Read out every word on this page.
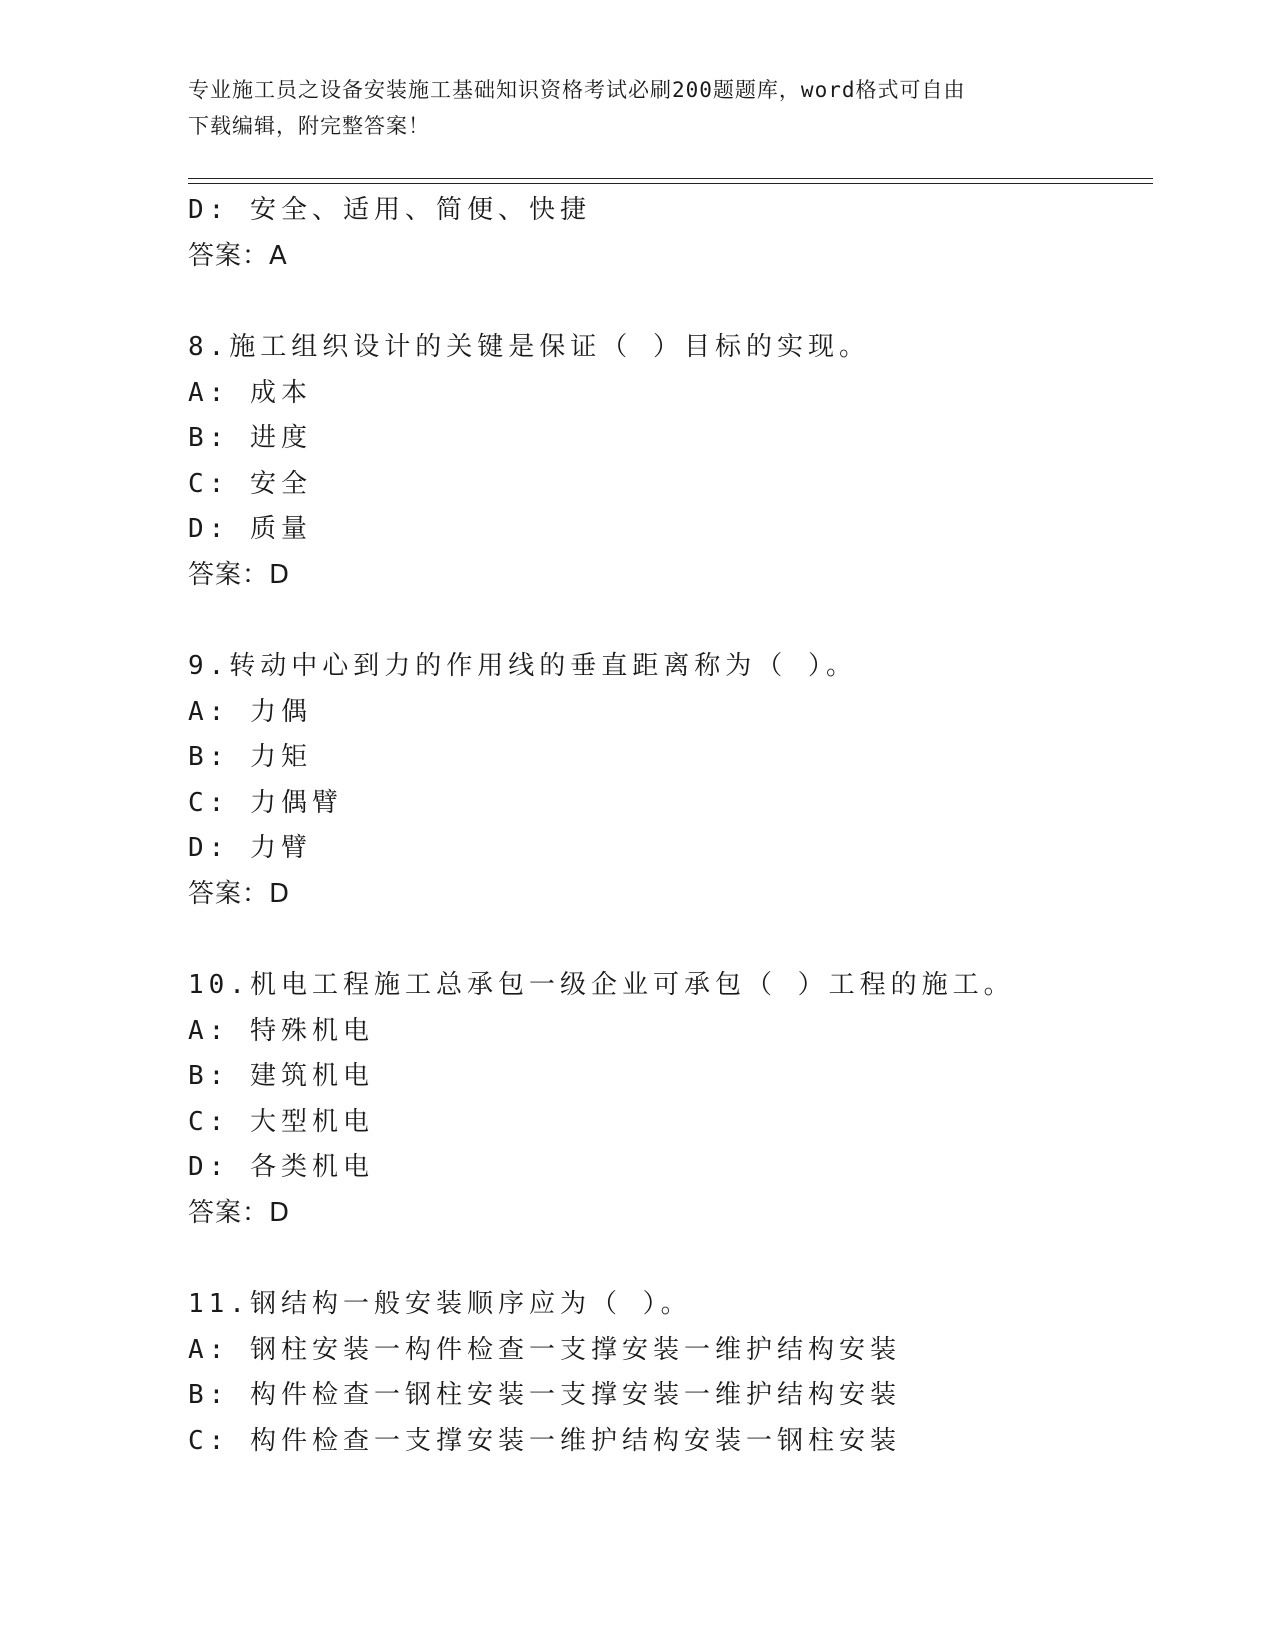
专业施工员之设备安装施工基础知识资格考试必刷200题题库，word格式可自由
下载编辑，附完整答案！
D: 安全、适用、简便、快捷
答案：A
8.施工组织设计的关键是保证（ ）目标的实现。
A: 成本
B: 进度
C: 安全
D: 质量
答案：D
9.转动中心到力的作用线的垂直距离称为（ ）。
A: 力偶
B: 力矩
C: 力偶臂
D: 力臂
答案：D
10.机电工程施工总承包一级企业可承包（ ）工程的施工。
A: 特殊机电
B: 建筑机电
C: 大型机电
D: 各类机电
答案：D
11.钢结构一般安装顺序应为（ ）。
A: 钢柱安装一构件检查一支撑安装一维护结构安装
B: 构件检查一钢柱安装一支撑安装一维护结构安装
C: 构件检查一支撑安装一维护结构安装一钢柱安装
